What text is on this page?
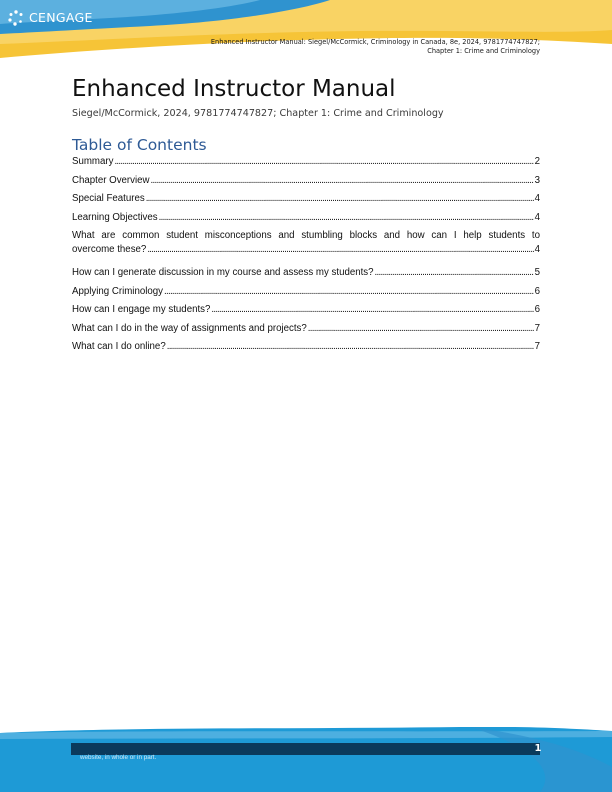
CENGAGE
Enhanced Instructor Manual: Siegel/McCormick, Criminology in Canada, 8e, 2024, 9781774747827;
Chapter 1: Crime and Criminology
Enhanced Instructor Manual

Siegel/McCormick, 2024, 9781774747827; Chapter 1: Crime and Criminology

Table of Contents
Summary . . .	2
Chapter Overview . . .	3
Special Features . . .	4
Learning Objectives . . .	4
What are common student misconceptions and stumbling blocks and how can I help students to
overcome these? . . .	4
How can I generate discussion in my course and assess my students? . . .	5
Applying Criminology . . .	6
How can I engage my students? . . .	6
What can I do in the way of assignments and projects? . . .	7
What can I do online? . . .	7
website, in whole or in part.
1
